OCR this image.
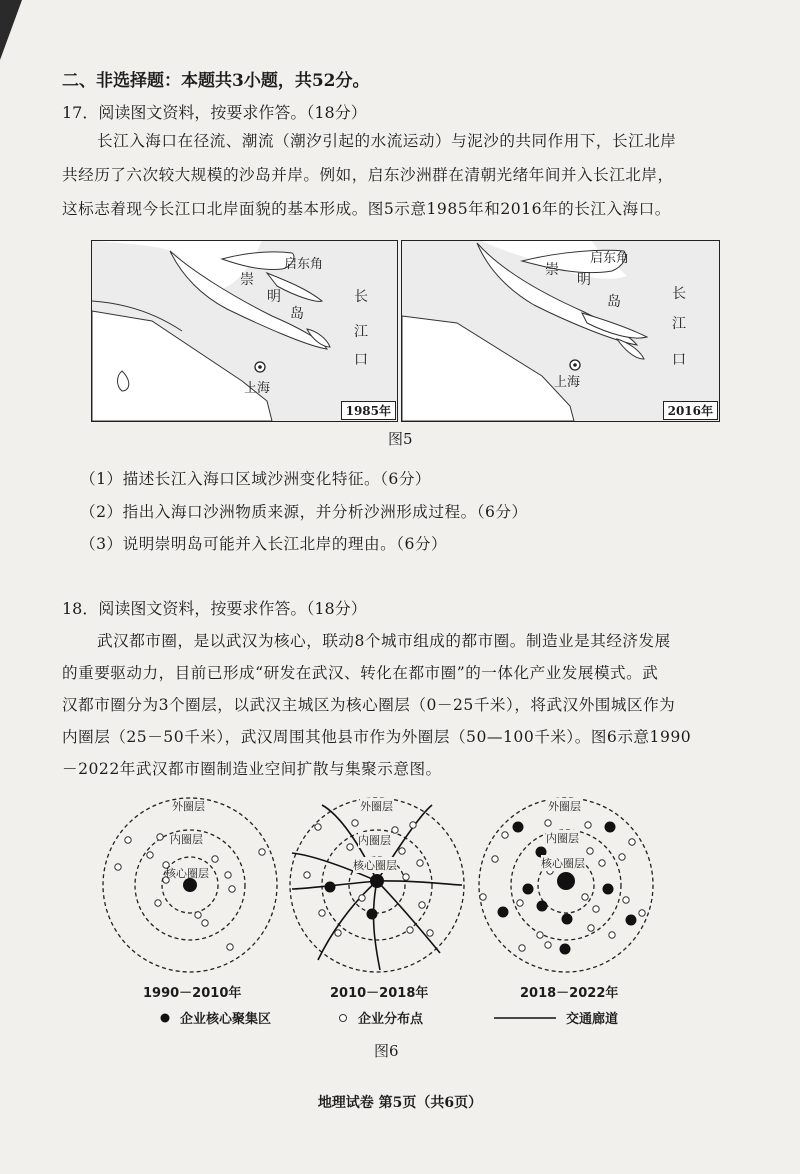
二、非选择题：本题共3小题，共52分。

17．阅读图文资料，按要求作答。（18分）

长江入海口在径流、潮流（潮汐引起的水流运动）与泥沙的共同作用下，长江北岸

共经历了六次较大规模的沙岛并岸。例如，启东沙洲群在清朝光绪年间并入长江北岸，

这标志着现今长江口北岸面貌的基本形成。图5示意1985年和2016年的长江入海口。

启东角
崇
明
岛
长
江
口
上海
1985年
启东角
崇
明
岛	长
江
口
上海
2016年

图5

（1）描述长江入海口区域沙洲变化特征。（6分）

（2）指出入海口沙洲物质来源，并分析沙洲形成过程。（6分）

（3）说明崇明岛可能并入长江北岸的理由。（6分）

18．阅读图文资料，按要求作答。（18分）

武汉都市圈，是以武汉为核心，联动8个城市组成的都市圈。制造业是其经济发展

的重要驱动力，目前已形成“研发在武汉、转化在都市圈”的一体化产业发展模式。武

汉都市圈分为3个圈层，以武汉主城区为核心圈层（0－25千米），将武汉外围城区作为

内圈层（25－50千米），武汉周围其他县市作为外圈层（50—100千米）。图6示意1990

－2022年武汉都市圈制造业空间扩散与集聚示意图。

外圈层
内圈层
核心圈层
外圈层
内圈层
核心圈层
外圈层
内圈层
核心圈层
1990－2010年	2010－2018年	2018－2022年
企业核心聚集区	企业分布点	交通廊道

图6

地理试卷 第5页（共6页）
